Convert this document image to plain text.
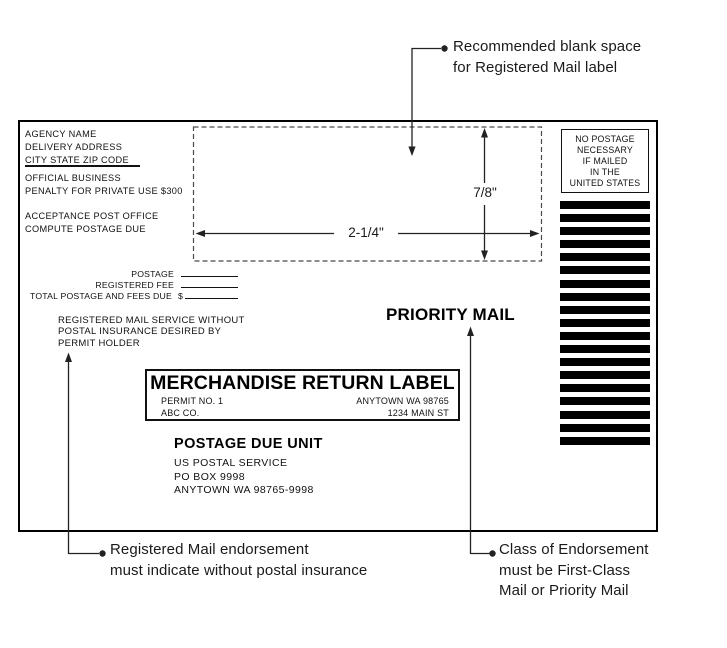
Recommended blank space
for Registered Mail label
AGENCY NAME
DELIVERY ADDRESS
CITY STATE ZIP CODE
OFFICIAL BUSINESS
PENALTY FOR PRIVATE USE $300
ACCEPTANCE POST OFFICE
COMPUTE POSTAGE DUE
NO POSTAGE
NECESSARY
IF MAILED
IN THE
UNITED STATES
POSTAGE
REGISTERED FEE
TOTAL POSTAGE AND FEES DUE $
REGISTERED MAIL SERVICE WITHOUT
POSTAL INSURANCE DESIRED BY
PERMIT HOLDER
PRIORITY MAIL
MERCHANDISE RETURN LABEL
PERMIT NO. 1
ABC CO.
ANYTOWN WA 98765
1234 MAIN ST
POSTAGE DUE UNIT
US POSTAL SERVICE
PO BOX 9998
ANYTOWN WA 98765-9998
2-1/4"
7/8"
Registered Mail endorsement
must indicate without postal insurance
Class of Endorsement
must be First-Class
Mail or Priority Mail
